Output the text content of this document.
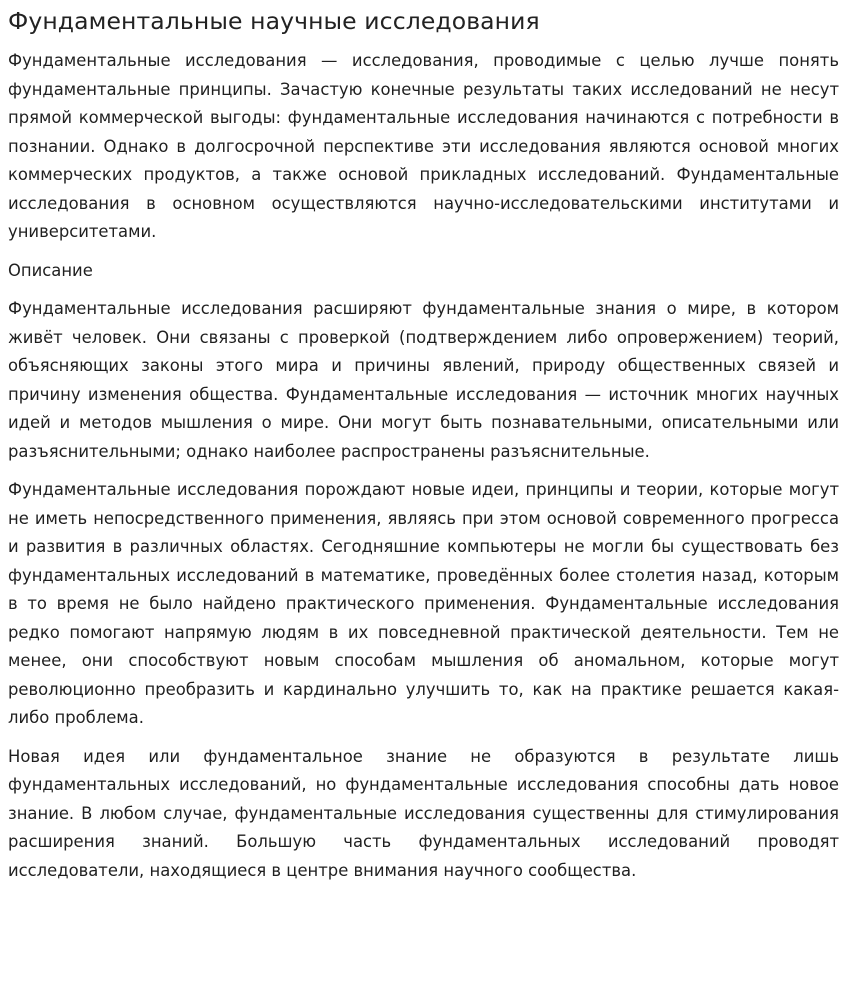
Фундаментальные научные исследования

Фундаментальные исследования — исследования, проводимые с целью лучше понять фундаментальные принципы. Зачастую конечные результаты таких исследований не несут прямой коммерческой выгоды: фундаментальные исследования начинаются с потребности в познании. Однако в долгосрочной перспективе эти исследования являются основой многих коммерческих продуктов, а также основой прикладных исследований. Фундаментальные исследования в основном осуществляются научно-исследовательскими институтами и университетами.

Описание

Фундаментальные исследования расширяют фундаментальные знания о мире, в котором живёт человек. Они связаны с проверкой (подтверждением либо опровержением) теорий, объясняющих законы этого мира и причины явлений, природу общественных связей и причину изменения общества. Фундаментальные исследования — источник многих научных идей и методов мышления о мире. Они могут быть познавательными, описательными или разъяснительными; однако наиболее распространены разъяснительные.

Фундаментальные исследования порождают новые идеи, принципы и теории, которые могут не иметь непосредственного применения, являясь при этом основой современного прогресса и развития в различных областях. Сегодняшние компьютеры не могли бы существовать без фундаментальных исследований в математике, проведённых более столетия назад, которым в то время не было найдено практического применения. Фундаментальные исследования редко помогают напрямую людям в их повседневной практической деятельности. Тем не менее, они способствуют новым способам мышления об аномальном, которые могут революционно преобразить и кардинально улучшить то, как на практике решается какая-либо проблема.

Новая идея или фундаментальное знание не образуются в результате лишь фундаментальных исследований, но фундаментальные исследования способны дать новое знание. В любом случае, фундаментальные исследования существенны для стимулирования расширения знаний. Большую часть фундаментальных исследований проводят исследователи, находящиеся в центре внимания научного сообщества.
